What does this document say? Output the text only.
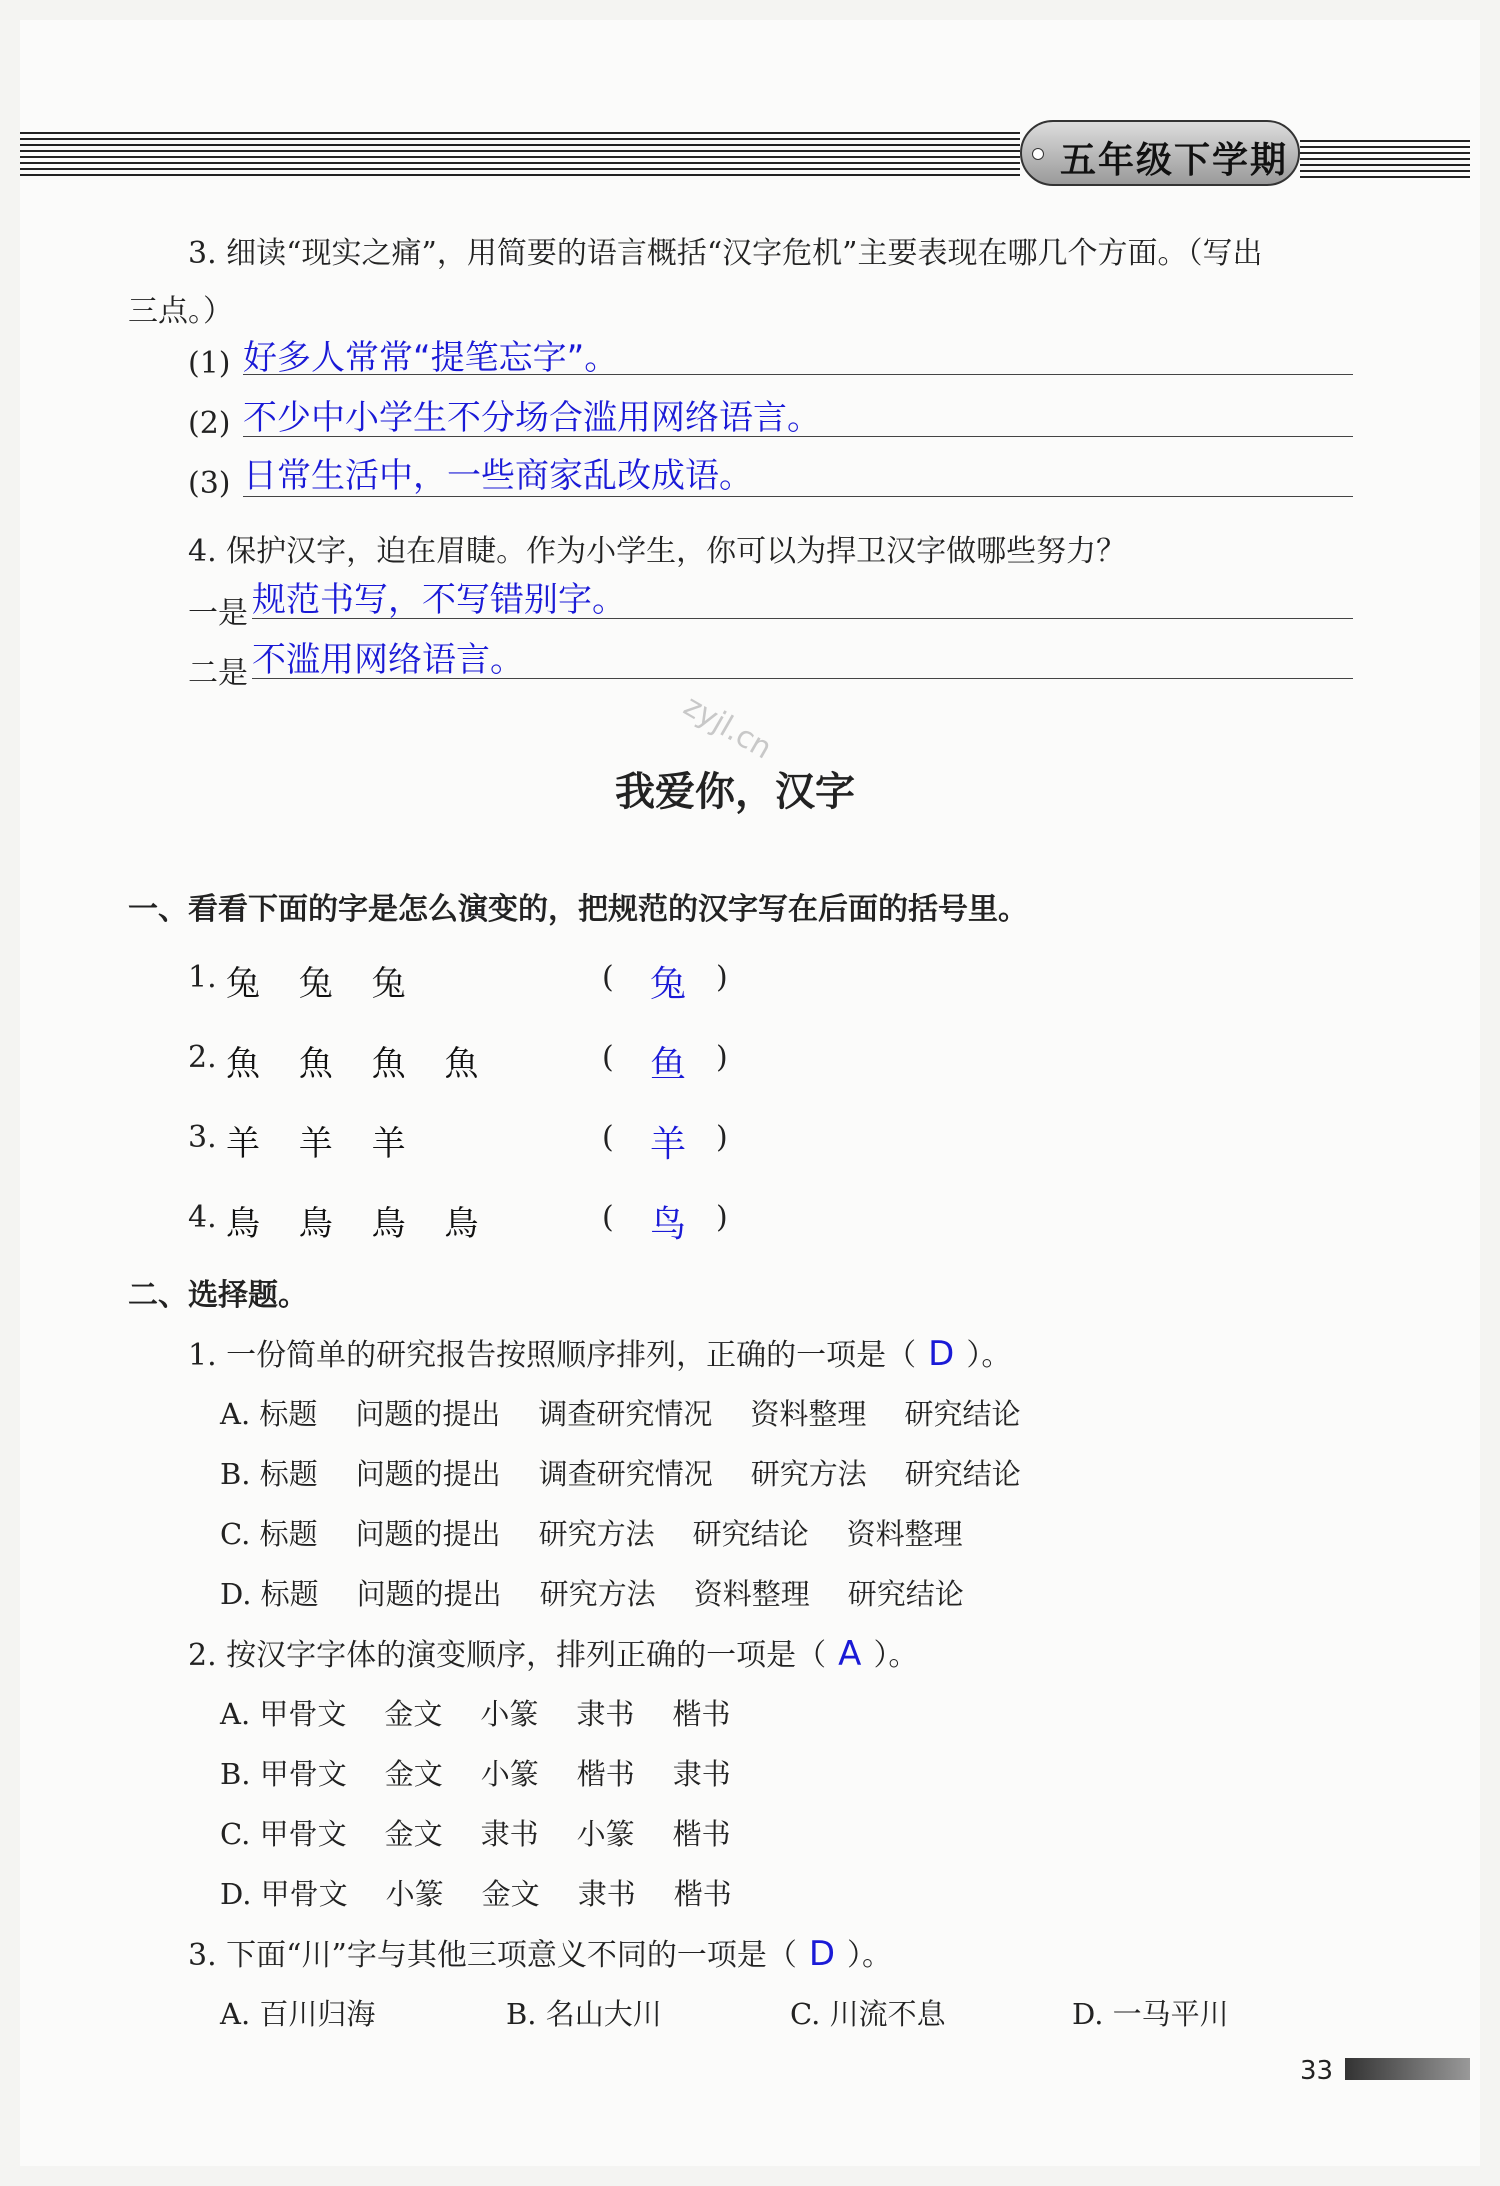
五年级下学期
3. 细读“现实之痛”，用简要的语言概括“汉字危机”主要表现在哪几个方面。（写出
三点。）
(1) 好多人常常“提笔忘字”。
(2) 不少中小学生不分场合滥用网络语言。
(3) 日常生活中，一些商家乱改成语。
4. 保护汉字，迫在眉睫。作为小学生，你可以为捍卫汉字做哪些努力？
一是 规范书写，不写错别字。
二是 不滥用网络语言。
zyjl.cn
我爱你，汉字
一、看看下面的字是怎么演变的，把规范的汉字写在后面的括号里。
1. 兔 兔 兔	( 兔 )
2. 魚 魚 魚 魚	( 鱼 )
3. 羊 羊 羊	( 羊 )
4. 鳥 鳥 鳥 鳥	( 鸟 )
二、选择题。
1. 一份简单的研究报告按照顺序排列，正确的一项是（ D ）。
A. 标题 问题的提出 调查研究情况 资料整理 研究结论
B. 标题 问题的提出 调查研究情况 研究方法 研究结论
C. 标题 问题的提出 研究方法 研究结论 资料整理
D. 标题 问题的提出 研究方法 资料整理 研究结论
2. 按汉字字体的演变顺序，排列正确的一项是（ A ）。
A. 甲骨文 金文 小篆 隶书 楷书
B. 甲骨文 金文 小篆 楷书 隶书
C. 甲骨文 金文 隶书 小篆 楷书
D. 甲骨文 小篆 金文 隶书 楷书
3. 下面“川”字与其他三项意义不同的一项是（ D ）。
A. 百川归海	B. 名山大川	C. 川流不息	D. 一马平川
33
